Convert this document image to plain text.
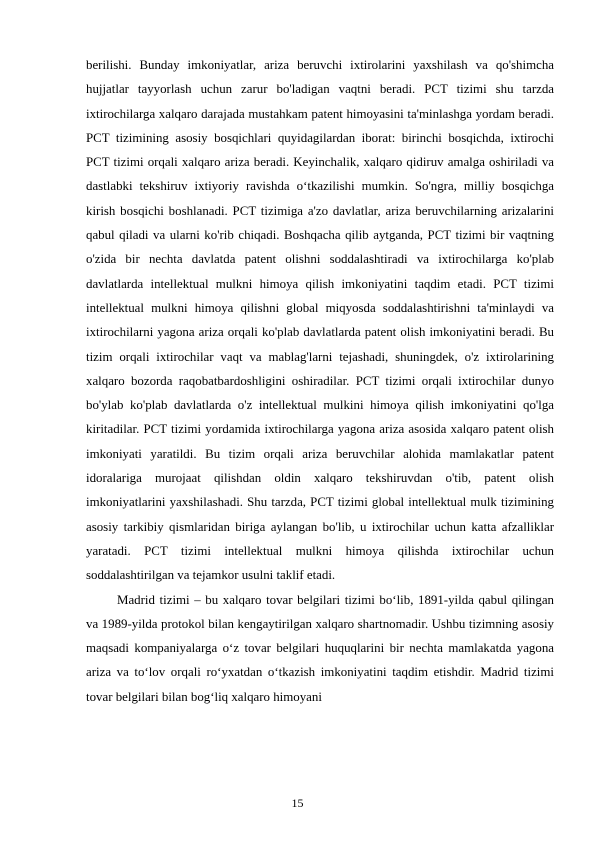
berilishi. Bunday imkoniyatlar, ariza beruvchi ixtirolarini yaxshilash va qo'shimcha hujjatlar tayyorlash uchun zarur bo'ladigan vaqtni beradi. PCT tizimi shu tarzda ixtirochilarga xalqaro darajada mustahkam patent himoyasini ta'minlashga yordam beradi. PCT tizimining asosiy bosqichlari quyidagilardan iborat: birinchi bosqichda, ixtirochi PCT tizimi orqali xalqaro ariza beradi. Keyinchalik, xalqaro qidiruv amalga oshiriladi va dastlabki tekshiruv ixtiyoriy ravishda o‘tkazilishi mumkin. So'ngra, milliy bosqichga kirish bosqichi boshlanadi. PCT tizimiga a'zo davlatlar, ariza beruvchilarning arizalarini qabul qiladi va ularni ko'rib chiqadi. Boshqacha qilib aytganda, PCT tizimi bir vaqtning o'zida bir nechta davlatda patent olishni soddalashtiradi va ixtirochilarga ko'plab davlatlarda intellektual mulkni himoya qilish imkoniyatini taqdim etadi. PCT tizimi intellektual mulkni himoya qilishni global miqyosda soddalashtirishni ta'minlaydi va ixtirochilarni yagona ariza orqali ko'plab davlatlarda patent olish imkoniyatini beradi. Bu tizim orqali ixtirochilar vaqt va mablag'larni tejashadi, shuningdek, o'z ixtirolarining xalqaro bozorda raqobatbardoshligini oshiradilar. PCT tizimi orqali ixtirochilar dunyo bo'ylab ko'plab davlatlarda o'z intellektual mulkini himoya qilish imkoniyatini qo'lga kiritadilar. PCT tizimi yordamida ixtirochilarga yagona ariza asosida xalqaro patent olish imkoniyati yaratildi. Bu tizim orqali ariza beruvchilar alohida mamlakatlar patent idoralariga murojaat qilishdan oldin xalqaro tekshiruvdan o'tib, patent olish imkoniyatlarini yaxshilashadi. Shu tarzda, PCT tizimi global intellektual mulk tizimining asosiy tarkibiy qismlaridan biriga aylangan bo'lib, u ixtirochilar uchun katta afzalliklar yaratadi. PCT tizimi intellektual mulkni himoya qilishda ixtirochilar uchun soddalashtirilgan va tejamkor usulni taklif etadi.

Madrid tizimi – bu xalqaro tovar belgilari tizimi bo‘lib, 1891-yilda qabul qilingan va 1989-yilda protokol bilan kengaytirilgan xalqaro shartnomadir. Ushbu tizimning asosiy maqsadi kompaniyalarga o‘z tovar belgilari huquqlarini bir nechta mamlakatda yagona ariza va to‘lov orqali ro‘yxatdan o‘tkazish imkoniyatini taqdim etishdir. Madrid tizimi tovar belgilari bilan bog‘liq xalqaro himoyani

15
